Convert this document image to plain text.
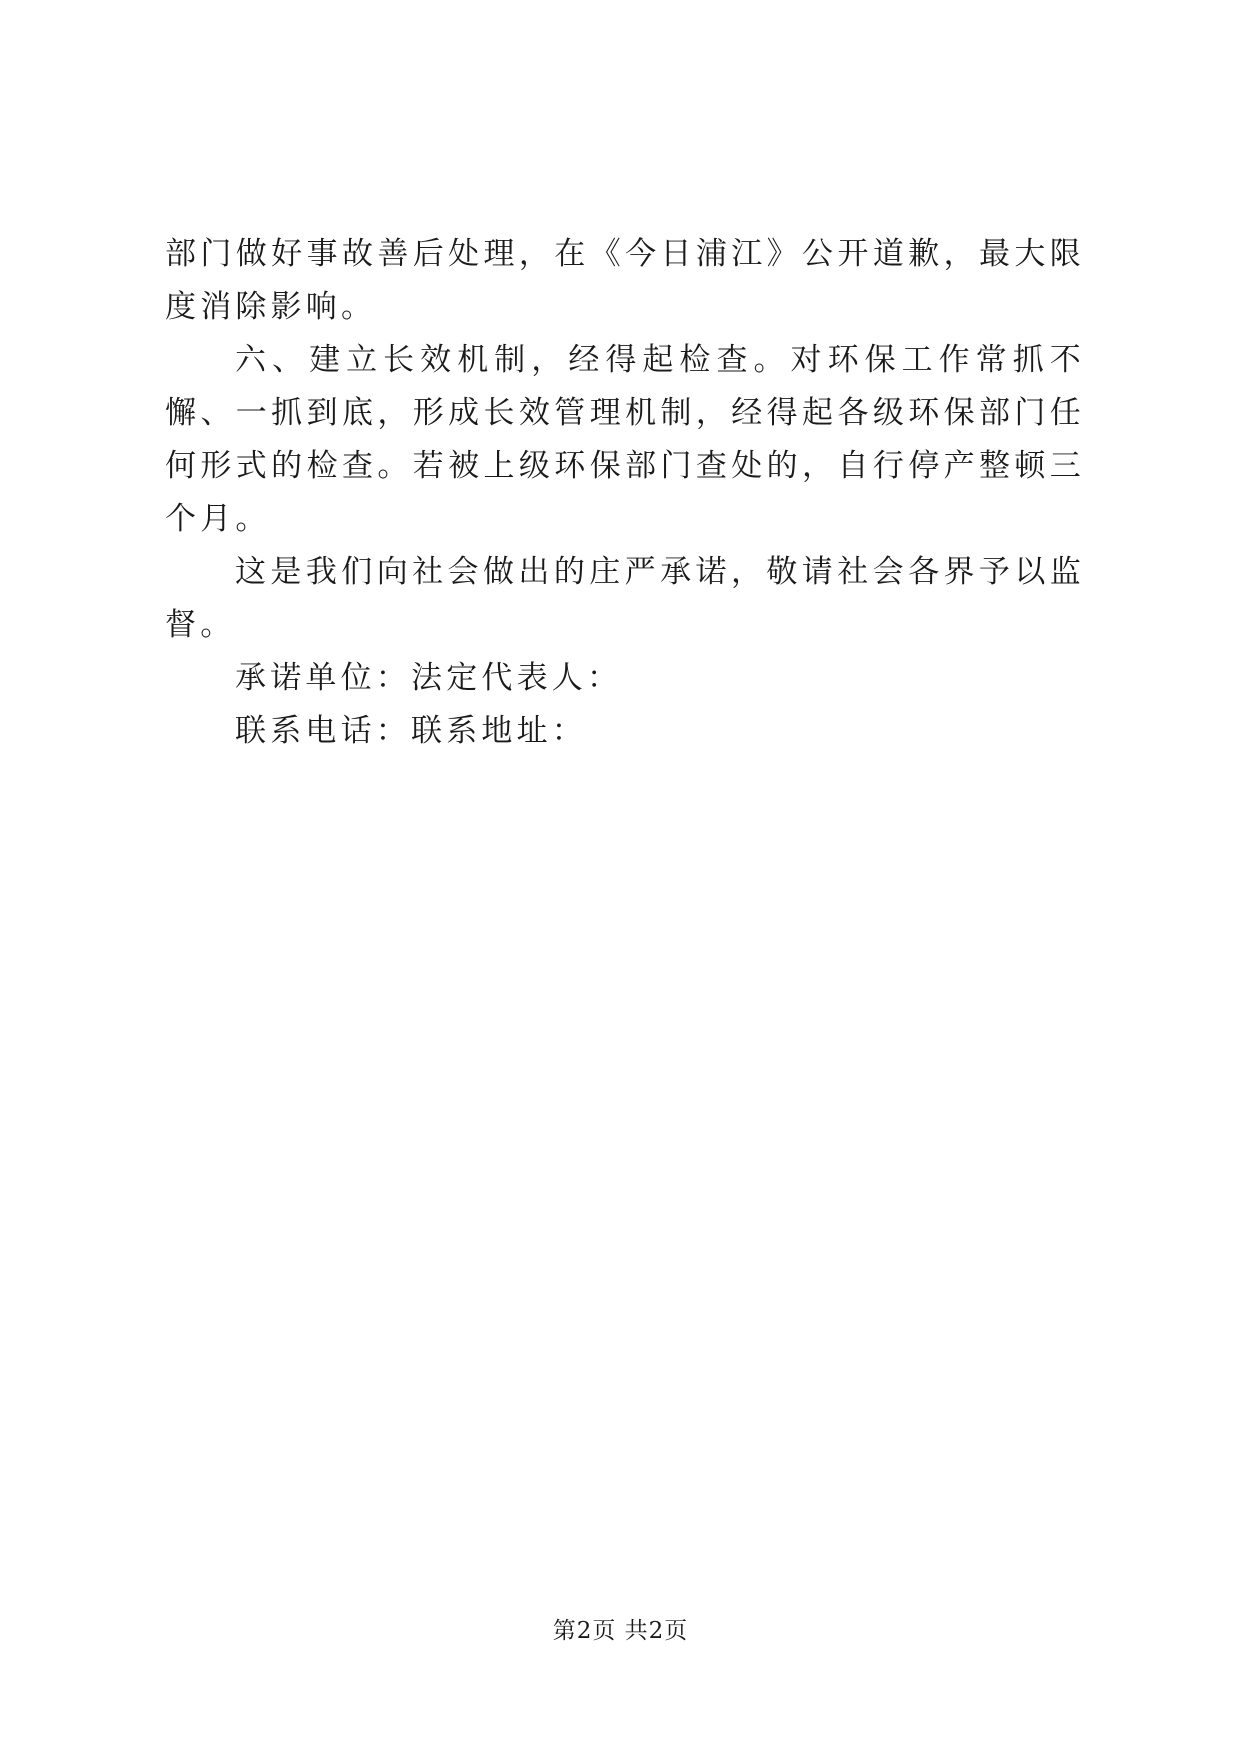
部门做好事故善后处理，在《今日浦江》公开道歉，最大限度消除影响。

六、建立长效机制，经得起检查。对环保工作常抓不懈、一抓到底，形成长效管理机制，经得起各级环保部门任何形式的检查。若被上级环保部门查处的，自行停产整顿三个月。

这是我们向社会做出的庄严承诺，敬请社会各界予以监督。

承诺单位：法定代表人：

联系电话：联系地址：

第2页 共2页
